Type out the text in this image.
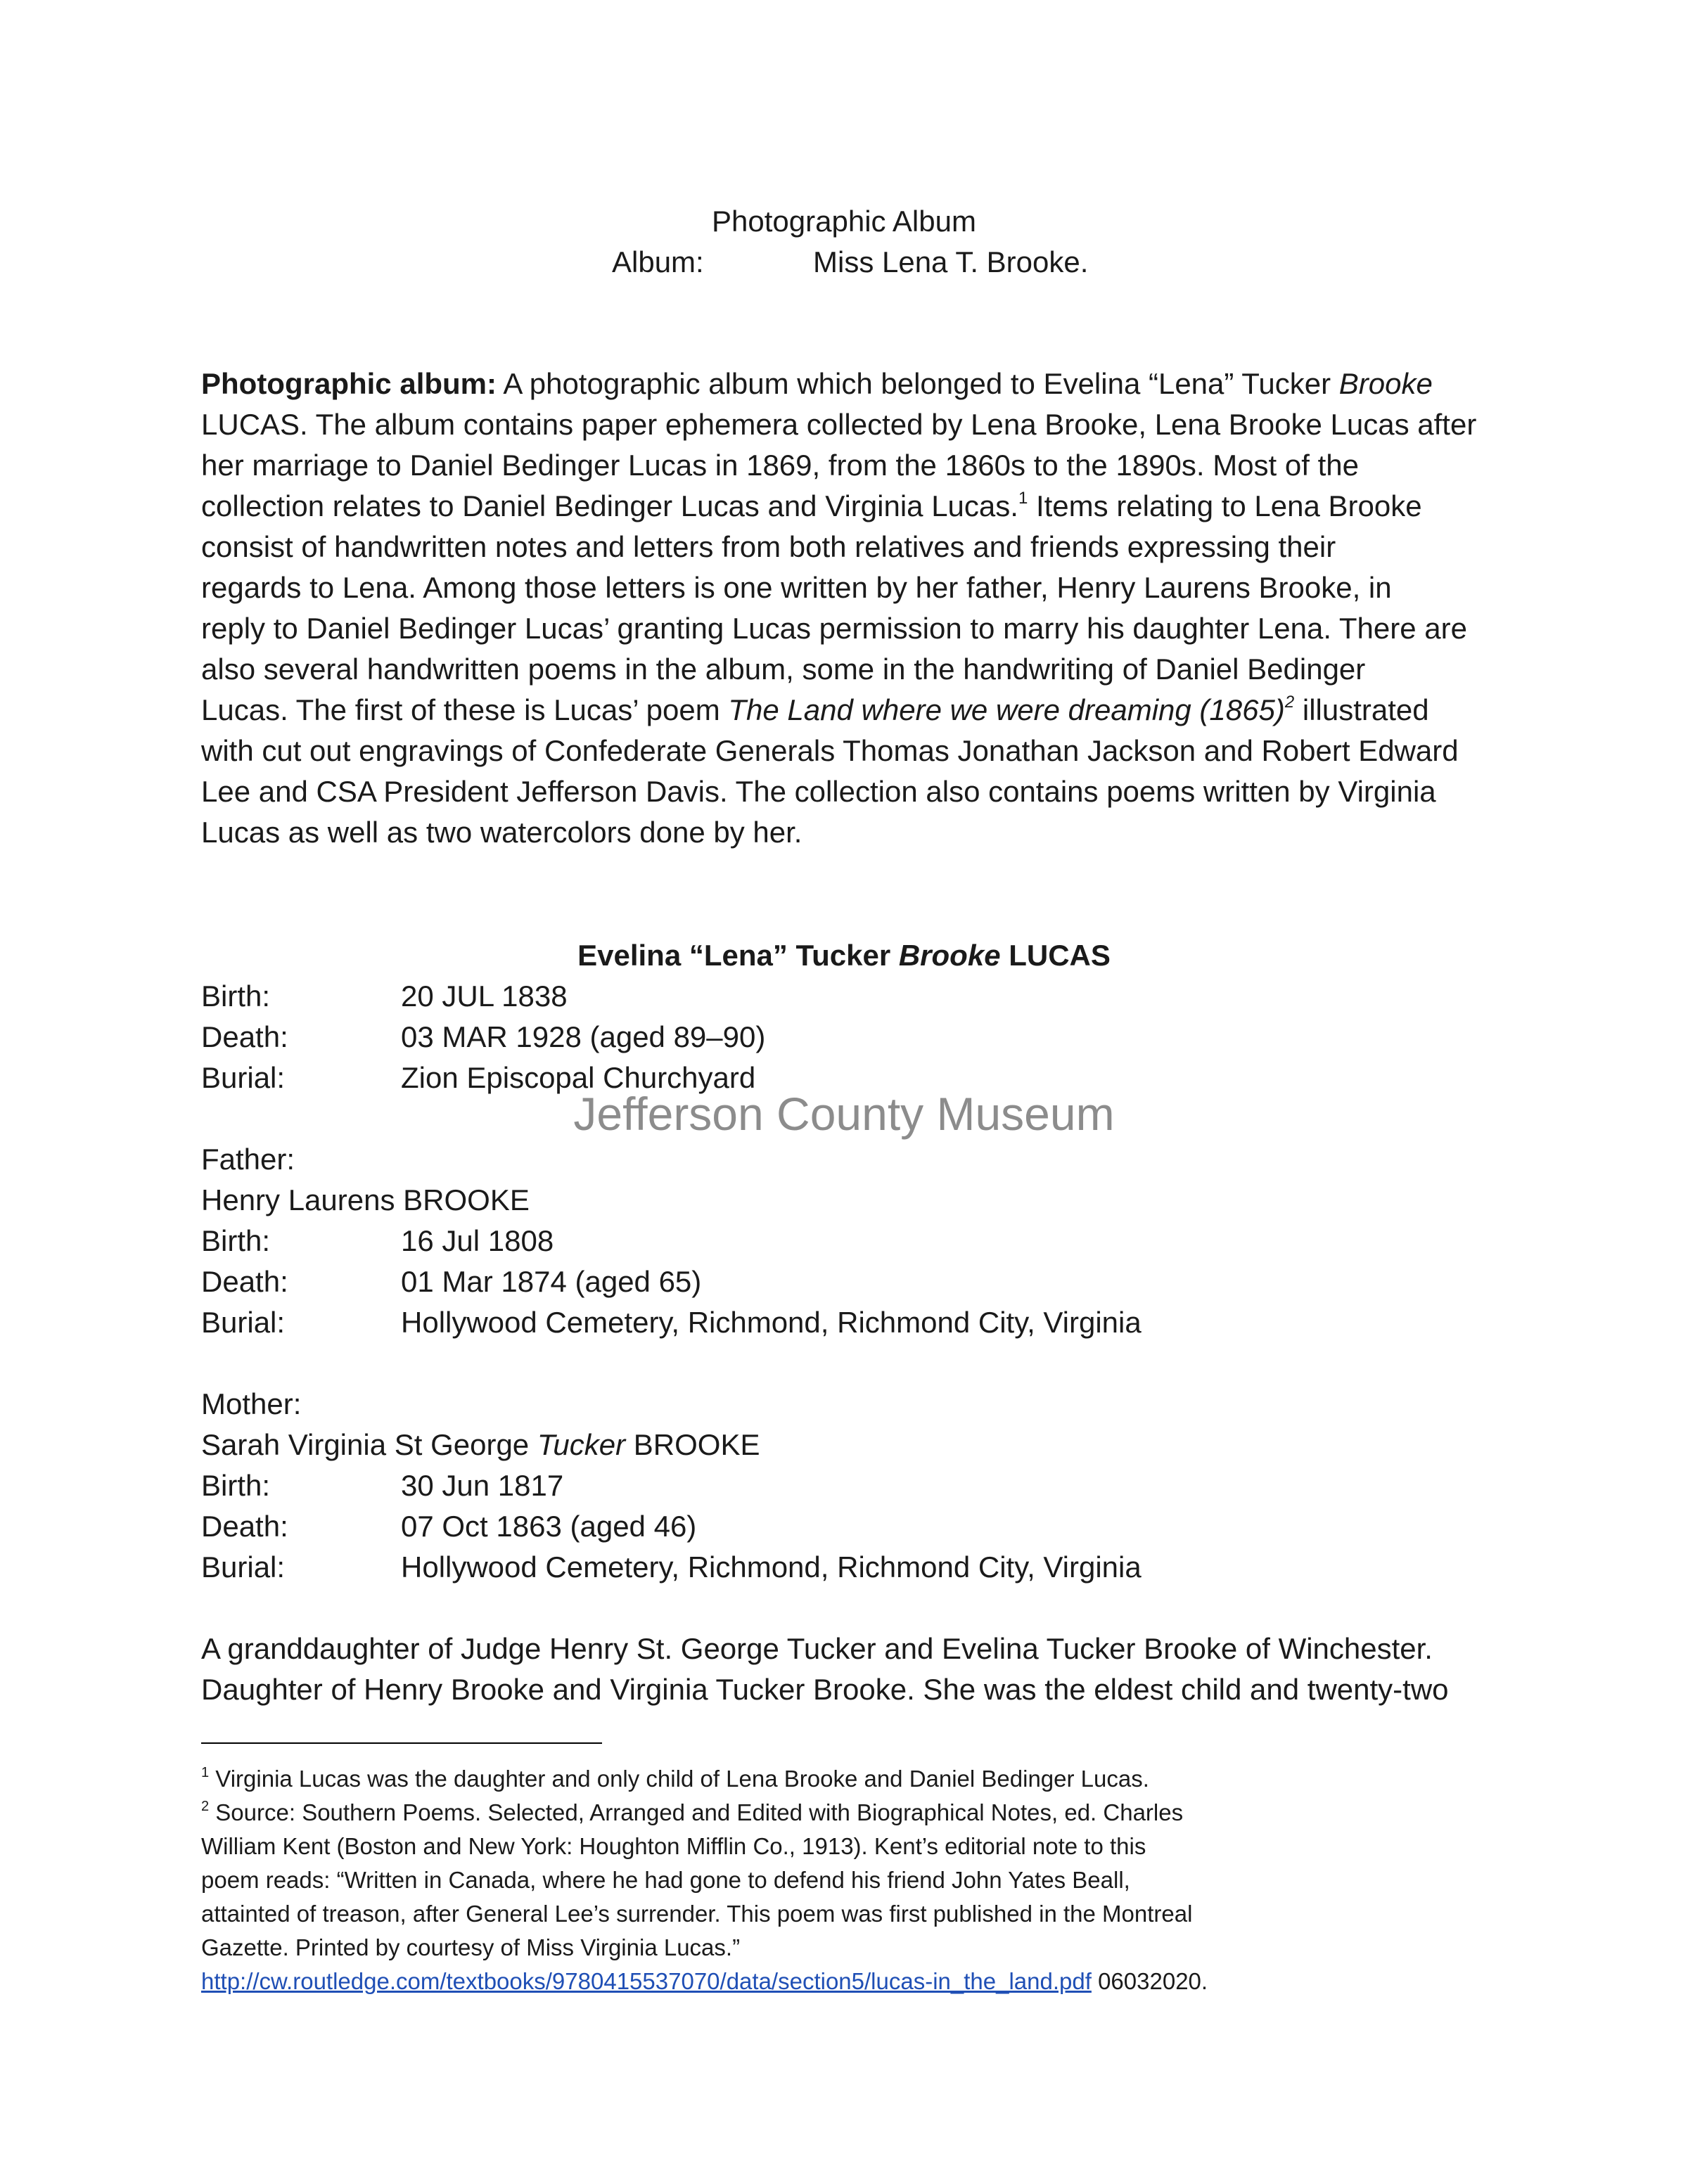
Photographic Album
Album:	Miss Lena T. Brooke.
Photographic album: A photographic album which belonged to Evelina “Lena” Tucker Brooke
LUCAS. The album contains paper ephemera collected by Lena Brooke, Lena Brooke Lucas after
her marriage to Daniel Bedinger Lucas in 1869, from the 1860s to the 1890s. Most of the
collection relates to Daniel Bedinger Lucas and Virginia Lucas.$^1$ Items relating to Lena Brooke
consist of handwritten notes and letters from both relatives and friends expressing their
regards to Lena. Among those letters is one written by her father, Henry Laurens Brooke, in
reply to Daniel Bedinger Lucas’ granting Lucas permission to marry his daughter Lena. There are
also several handwritten poems in the album, some in the handwriting of Daniel Bedinger
Lucas. The first of these is Lucas’ poem The Land where we were dreaming $(1865)^2$ illustrated
with cut out engravings of Confederate Generals Thomas Jonathan Jackson and Robert Edward
Lee and CSA President Jefferson Davis. The collection also contains poems written by Virginia
Lucas as well as two watercolors done by her.
Evelina “Lena” Tucker Brooke LUCAS
Birth:	20 JUL 1838
Death:	03 MAR 1928 (aged 89–90)
Burial:	Zion Episcopal Churchyard
Jefferson County Museum
Father:
Henry Laurens BROOKE
Birth:	16 Jul 1808
Death:	01 Mar 1874 (aged 65)
Burial:	Hollywood Cemetery, Richmond, Richmond City, Virginia
Mother:
Sarah Virginia St George Tucker BROOKE
Birth:	30 Jun 1817
Death:	07 Oct 1863 (aged 46)
Burial:	Hollywood Cemetery, Richmond, Richmond City, Virginia
A granddaughter of Judge Henry St. George Tucker and Evelina Tucker Brooke of Winchester.
Daughter of Henry Brooke and Virginia Tucker Brooke. She was the eldest child and twenty-two
$^1$ Virginia Lucas was the daughter and only child of Lena Brooke and Daniel Bedinger Lucas.
$^2$ Source: Southern Poems. Selected, Arranged and Edited with Biographical Notes, ed. Charles
William Kent (Boston and New York: Houghton Mifflin Co., 1913). Kent’s editorial note to this
poem reads: “Written in Canada, where he had gone to defend his friend John Yates Beall,
attainted of treason, after General Lee’s surrender. This poem was first published in the Montreal
Gazette. Printed by courtesy of Miss Virginia Lucas.”
http://cw.routledge.com/textbooks/9780415537070/data/section5/lucas-in_the_land.pdf 06032020.
